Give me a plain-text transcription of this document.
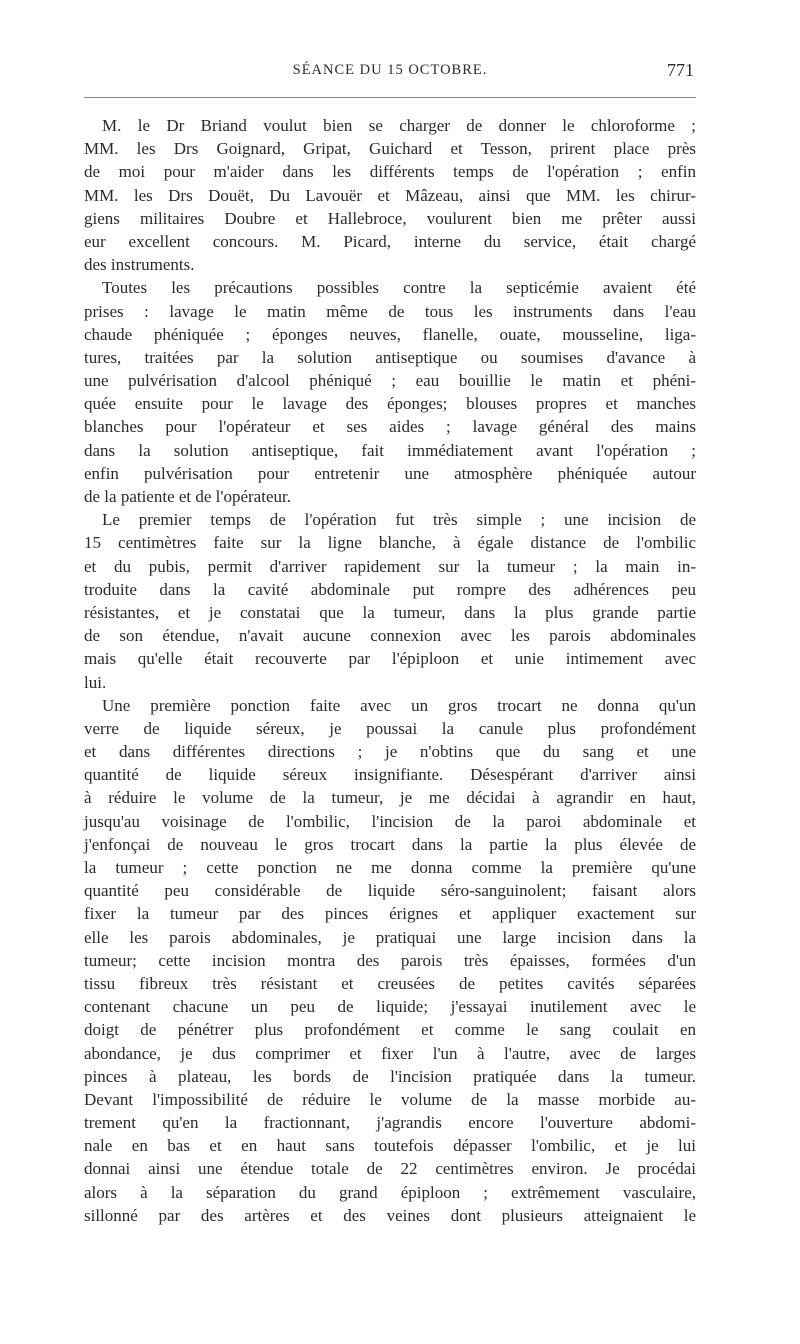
SÉANCE DU 15 OCTOBRE.	771
M. le Dr Briand voulut bien se charger de donner le chloroforme ;
MM. les Drs Goignard, Gripat, Guichard et Tesson, prirent place près
de moi pour m'aider dans les différents temps de l'opération ; enfin
MM. les Drs Douët, Du Lavouër et Mâzeau, ainsi que MM. les chirur-
giens militaires Doubre et Hallebroce, voulurent bien me prêter aussi
eur excellent concours. M. Picard, interne du service, était chargé
des instruments.
Toutes les précautions possibles contre la septicémie avaient été
prises : lavage le matin même de tous les instruments dans l'eau
chaude phéniquée ; éponges neuves, flanelle, ouate, mousseline, liga-
tures, traitées par la solution antiseptique ou soumises d'avance à
une pulvérisation d'alcool phéniqué ; eau bouillie le matin et phéni-
quée ensuite pour le lavage des éponges; blouses propres et manches
blanches pour l'opérateur et ses aides ; lavage général des mains
dans la solution antiseptique, fait immédiatement avant l'opération ;
enfin pulvérisation pour entretenir une atmosphère phéniquée autour
de la patiente et de l'opérateur.
Le premier temps de l'opération fut très simple ; une incision de
15 centimètres faite sur la ligne blanche, à égale distance de l'ombilic
et du pubis, permit d'arriver rapidement sur la tumeur ; la main in-
troduite dans la cavité abdominale put rompre des adhérences peu
résistantes, et je constatai que la tumeur, dans la plus grande partie
de son étendue, n'avait aucune connexion avec les parois abdominales
mais qu'elle était recouverte par l'épiploon et unie intimement avec
lui.
Une première ponction faite avec un gros trocart ne donna qu'un
verre de liquide séreux, je poussai la canule plus profondément
et dans différentes directions ; je n'obtins que du sang et une
quantité de liquide séreux insignifiante. Désespérant d'arriver ainsi
à réduire le volume de la tumeur, je me décidai à agrandir en haut,
jusqu'au voisinage de l'ombilic, l'incision de la paroi abdominale et
j'enfonçai de nouveau le gros trocart dans la partie la plus élevée de
la tumeur ; cette ponction ne me donna comme la première qu'une
quantité peu considérable de liquide séro-sanguinolent; faisant alors
fixer la tumeur par des pinces érignes et appliquer exactement sur
elle les parois abdominales, je pratiquai une large incision dans la
tumeur; cette incision montra des parois très épaisses, formées d'un
tissu fibreux très résistant et creusées de petites cavités séparées
contenant chacune un peu de liquide; j'essayai inutilement avec le
doigt de pénétrer plus profondément et comme le sang coulait en
abondance, je dus comprimer et fixer l'un à l'autre, avec de larges
pinces à plateau, les bords de l'incision pratiquée dans la tumeur.
Devant l'impossibilité de réduire le volume de la masse morbide au-
trement qu'en la fractionnant, j'agrandis encore l'ouverture abdomi-
nale en bas et en haut sans toutefois dépasser l'ombilic, et je lui
donnai ainsi une étendue totale de 22 centimètres environ. Je procédai
alors à la séparation du grand épiploon ; extrêmement vasculaire,
sillonné par des artères et des veines dont plusieurs atteignaient le
